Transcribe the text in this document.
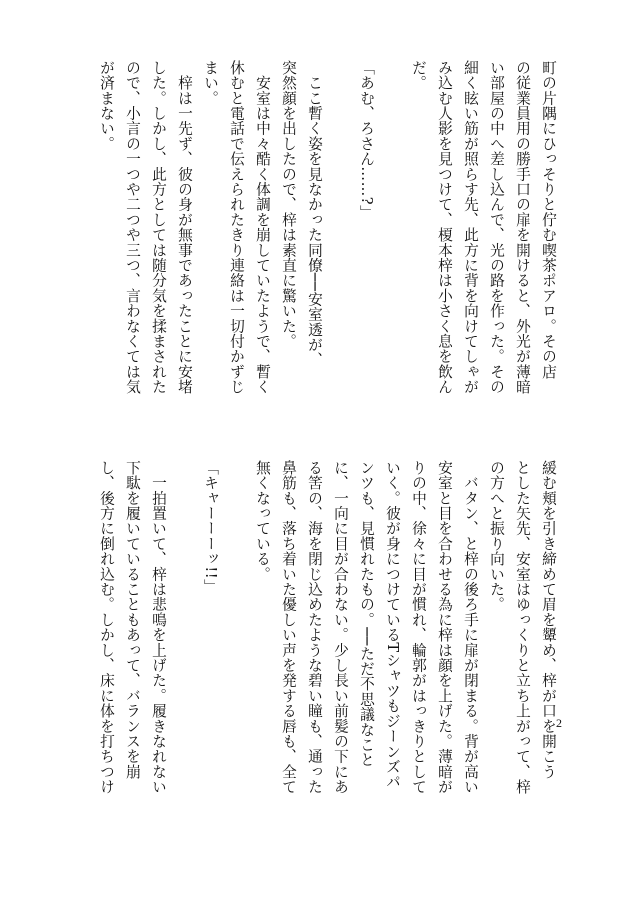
町の片隅にひっそりと佇む喫茶ポアロ。その店
の従業員用の勝手口の扉を開けると、外光が薄暗
い部屋の中へ差し込んで、光の路を作った。その
細く眩い筋が照らす先、此方に背を向けてしゃが
み込む人影を見つけて、榎本梓は小さく息を飲ん
だ。
「あむ、ろさん……?」
　ここ暫く姿を見なかった同僚──安室透が、
突然顔を出したので、梓は素直に驚いた。
　安室は中々酷く体調を崩していたようで、暫く
休むと電話で伝えられたきり連絡は一切付かずじ
まい。
　梓は一先ず、彼の身が無事であったことに安堵
した。しかし、此方としては随分気を揉まされた
ので、小言の一つや二つや三つ、言わなくては気
が済まない。
緩む頬を引き締めて眉を顰め、梓が口を開こう
とした矢先、安室はゆっくりと立ち上がって、梓
の方へと振り向いた。
　バタン、と梓の後ろ手に扉が閉まる。背が高い
安室と目を合わせる為に梓は顔を上げた。薄暗が
りの中、徐々に目が慣れ、輪郭がはっきりとして
いく。彼が身につけているTシャツもジーンズパ
ンツも、見慣れたもの。──ただ不思議なこと
に、一向に目が合わない。少し長い前髪の下にあ
る筈の、海を閉じ込めたような碧い瞳も、通った
鼻筋も、落ち着いた優しい声を発する唇も、全て
無くなっている。
「キャーーーッ!!」
　一拍置いて、梓は悲鳴を上げた。履きなれない
下駄を履いていることもあって、バランスを崩
し、後方に倒れ込む。しかし、床に体を打ちつけ	2
